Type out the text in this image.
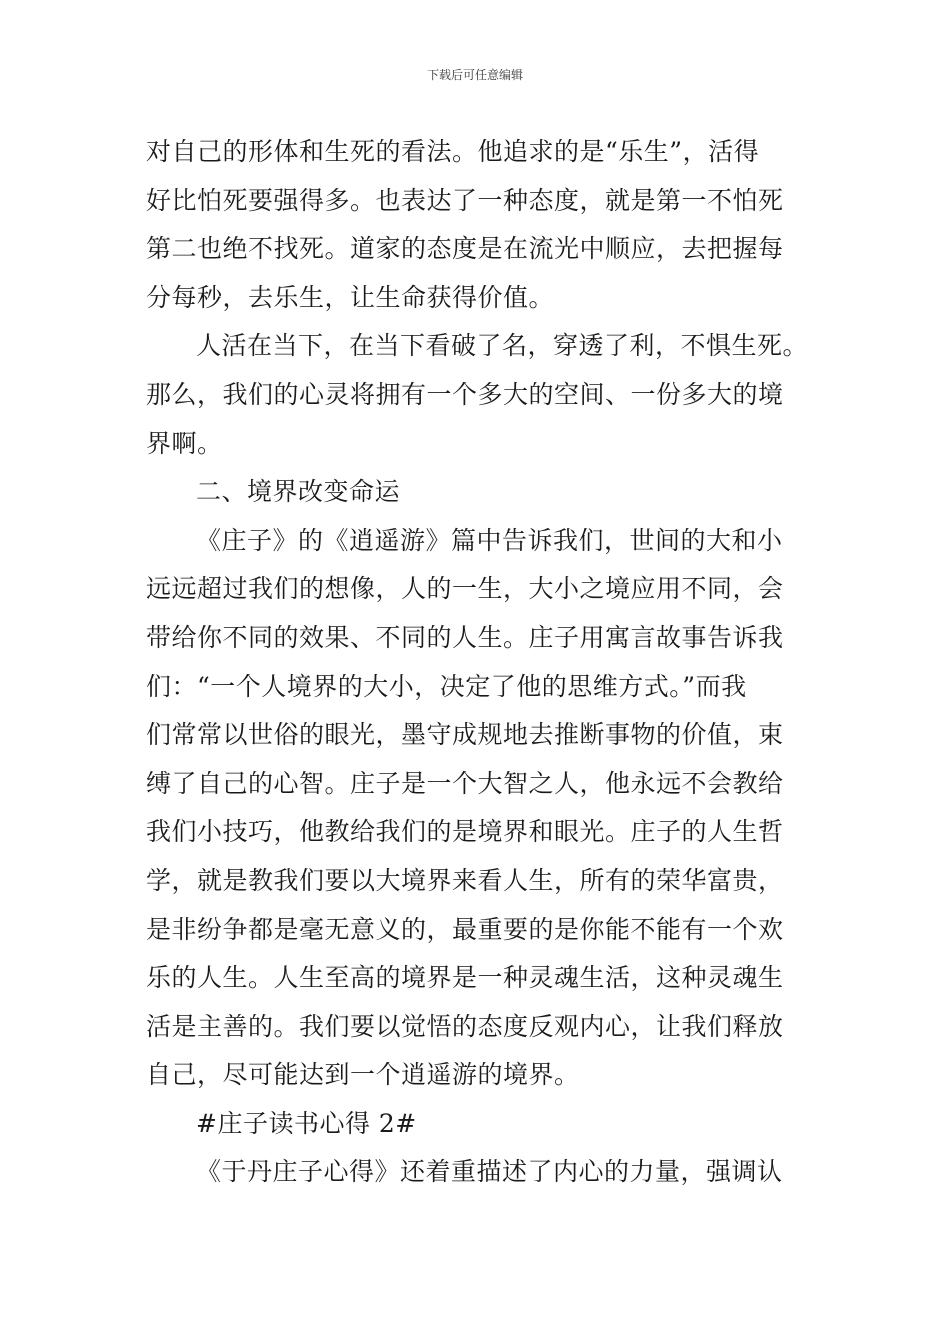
下载后可任意编辑
对自己的形体和生死的看法。他追求的是“乐生”，活得
好比怕死要强得多。也表达了一种态度，就是第一不怕死
第二也绝不找死。道家的态度是在流光中顺应，去把握每
分每秒，去乐生，让生命获得价值。
人活在当下，在当下看破了名，穿透了利，不惧生死。
那么，我们的心灵将拥有一个多大的空间、一份多大的境
界啊。
二、境界改变命运
《庄子》的《逍遥游》篇中告诉我们，世间的大和小
远远超过我们的想像，人的一生，大小之境应用不同，会
带给你不同的效果、不同的人生。庄子用寓言故事告诉我
们：“一个人境界的大小，决定了他的思维方式。”而我
们常常以世俗的眼光，墨守成规地去推断事物的价值，束
缚了自己的心智。庄子是一个大智之人，他永远不会教给
我们小技巧，他教给我们的是境界和眼光。庄子的人生哲
学，就是教我们要以大境界来看人生，所有的荣华富贵，
是非纷争都是毫无意义的，最重要的是你能不能有一个欢
乐的人生。人生至高的境界是一种灵魂生活，这种灵魂生
活是主善的。我们要以觉悟的态度反观内心，让我们释放
自己，尽可能达到一个逍遥游的境界。
#庄子读书心得 2#
《于丹庄子心得》还着重描述了内心的力量，强调认
